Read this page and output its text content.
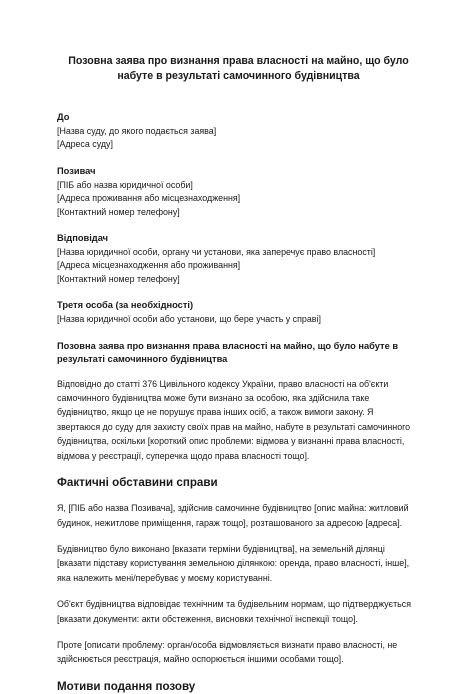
Позовна заява про визнання права власності на майно, що було набуте в результаті самочинного будівництва
До
[Назва суду, до якого подається заява]
[Адреса суду]
Позивач
[ПІБ або назва юридичної особи]
[Адреса проживання або місцезнаходження]
[Контактний номер телефону]
Відповідач
[Назва юридичної особи, органу чи установи, яка заперечує право власності]
[Адреса місцезнаходження або проживання]
[Контактний номер телефону]
Третя особа (за необхідності)
[Назва юридичної особи або установи, що бере участь у справі]
Позовна заява про визнання права власності на майно, що було набуте в результаті самочинного будівництва
Відповідно до статті 376 Цивільного кодексу України, право власності на об'єкти самочинного будівництва може бути визнано за особою, яка здійснила таке будівництво, якщо це не порушує права інших осіб, а також вимоги закону. Я звертаюся до суду для захисту своїх прав на майно, набуте в результаті самочинного будівництва, оскільки [короткий опис проблеми: відмова у визнанні права власності, відмова у реєстрації, суперечка щодо права власності тощо].
Фактичні обставини справи
Я, [ПІБ або назва Позивача], здійснив самочинне будівництво [опис майна: житловий будинок, нежитлове приміщення, гараж тощо], розташованого за адресою [адреса].
Будівництво було виконано [вказати терміни будівництва], на земельній ділянці [вказати підставу користування земельною ділянкою: оренда, право власності, інше], яка належить мені/перебуває у моєму користуванні.
Об'єкт будівництва відповідає технічним та будівельним нормам, що підтверджується [вказати документи: акти обстеження, висновки технічної інспекції тощо].
Проте [описати проблему: орган/особа відмовляється визнати право власності, не здійснюється реєстрація, майно оспорюється іншими особами тощо].
Мотиви подання позову
